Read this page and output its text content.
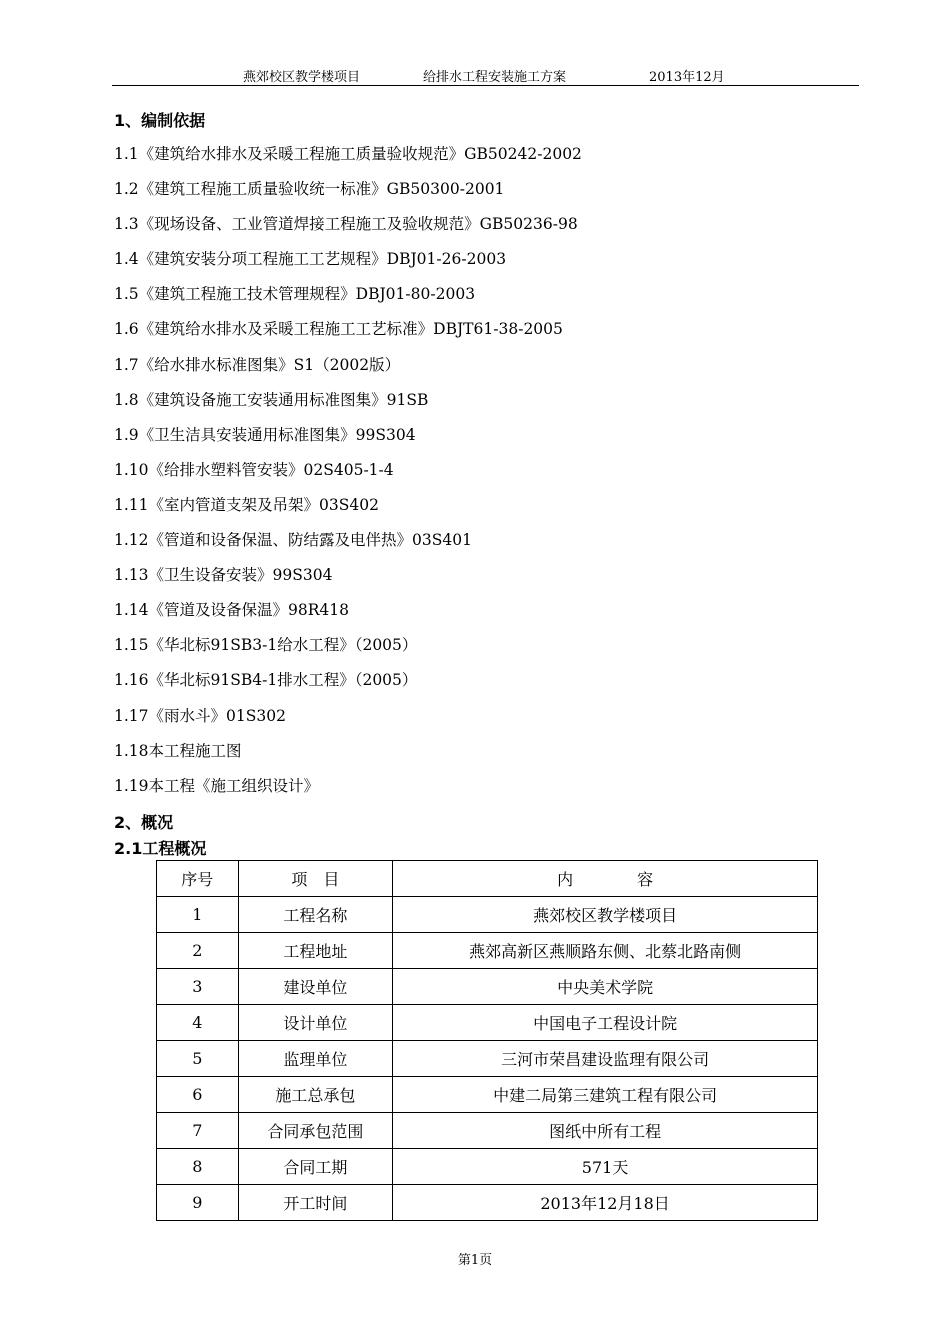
燕郊校区教学楼项目	给排水工程安装施工方案	2013年12月
1、编制依据
1.1《建筑给水排水及采暖工程施工质量验收规范》GB50242-2002
1.2《建筑工程施工质量验收统一标准》GB50300-2001
1.3《现场设备、工业管道焊接工程施工及验收规范》GB50236-98
1.4《建筑安装分项工程施工工艺规程》DBJ01-26-2003
1.5《建筑工程施工技术管理规程》DBJ01-80-2003
1.6《建筑给水排水及采暖工程施工工艺标准》DBJT61-38-2005
1.7《给水排水标准图集》S1（2002版）
1.8《建筑设备施工安装通用标准图集》91SB
1.9《卫生洁具安装通用标准图集》99S304
1.10《给排水塑料管安装》02S405-1-4
1.11《室内管道支架及吊架》03S402
1.12《管道和设备保温、防结露及电伴热》03S401
1.13《卫生设备安装》99S304
1.14《管道及设备保温》98R418
1.15《华北标91SB3-1给水工程》（2005）
1.16《华北标91SB4-1排水工程》（2005）
1.17《雨水斗》01S302
1.18本工程施工图
1.19本工程《施工组织设计》
2、概况
2.1工程概况
序号	项　目	内　　　　容
1	工程名称	燕郊校区教学楼项目
2	工程地址	燕郊高新区燕顺路东侧、北蔡北路南侧
3	建设单位	中央美术学院
4	设计单位	中国电子工程设计院
5	监理单位	三河市荣昌建设监理有限公司
6	施工总承包	中建二局第三建筑工程有限公司
7	合同承包范围	图纸中所有工程
8	合同工期	571天
9	开工时间	2013年12月18日
第1页
